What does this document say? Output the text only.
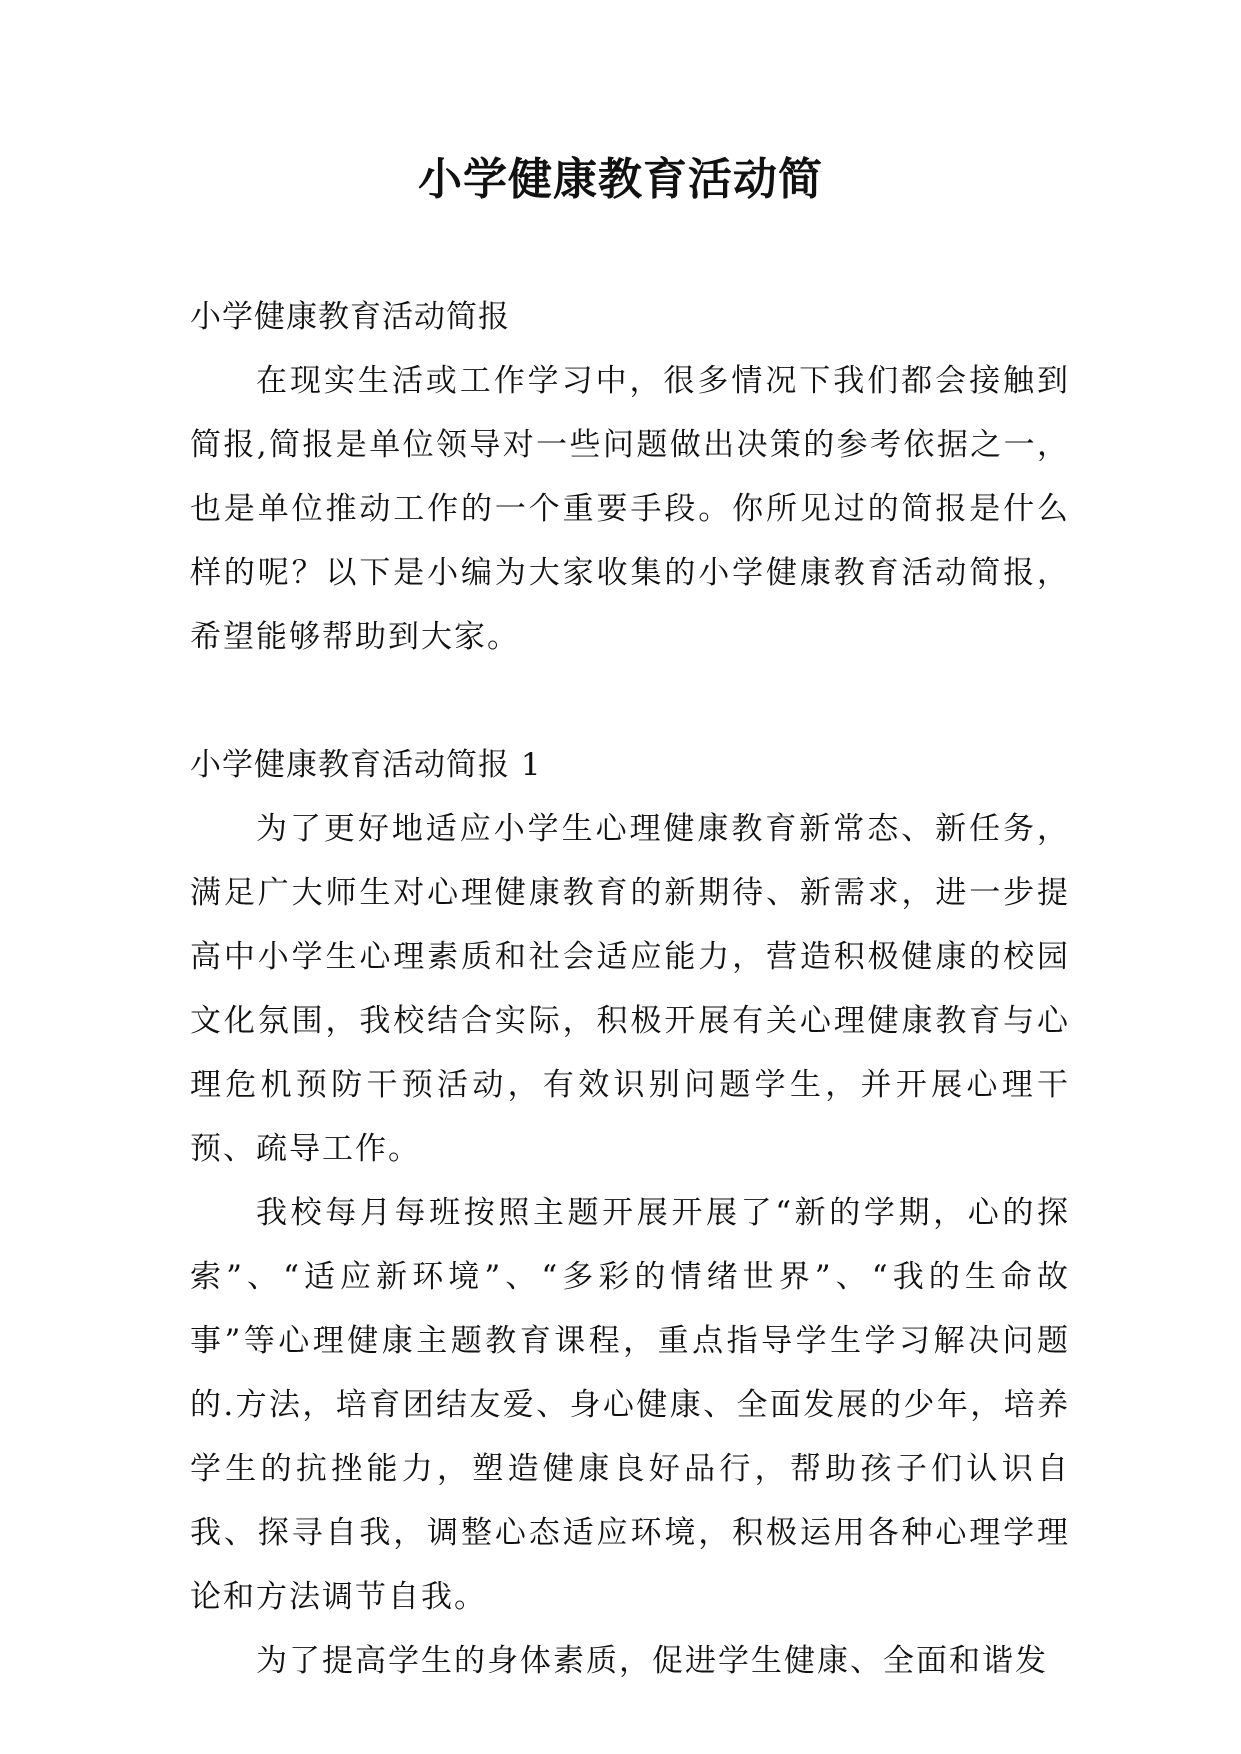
小学健康教育活动简

小学健康教育活动简报

在现实生活或工作学习中，很多情况下我们都会接触到简报,简报是单位领导对一些问题做出决策的参考依据之一，也是单位推动工作的一个重要手段。你所见过的简报是什么样的呢？以下是小编为大家收集的小学健康教育活动简报，希望能够帮助到大家。

小学健康教育活动简报 1

为了更好地适应小学生心理健康教育新常态、新任务，满足广大师生对心理健康教育的新期待、新需求，进一步提高中小学生心理素质和社会适应能力，营造积极健康的校园文化氛围，我校结合实际，积极开展有关心理健康教育与心理危机预防干预活动，有效识别问题学生，并开展心理干预、疏导工作。

我校每月每班按照主题开展开展了“新的学期，心的探索”、“适应新环境”、“多彩的情绪世界”、“我的生命故事”等心理健康主题教育课程，重点指导学生学习解决问题的.方法，培育团结友爱、身心健康、全面发展的少年，培养学生的抗挫能力，塑造健康良好品行，帮助孩子们认识自我、探寻自我，调整心态适应环境，积极运用各种心理学理论和方法调节自我。

为了提高学生的身体素质，促进学生健康、全面和谐发
